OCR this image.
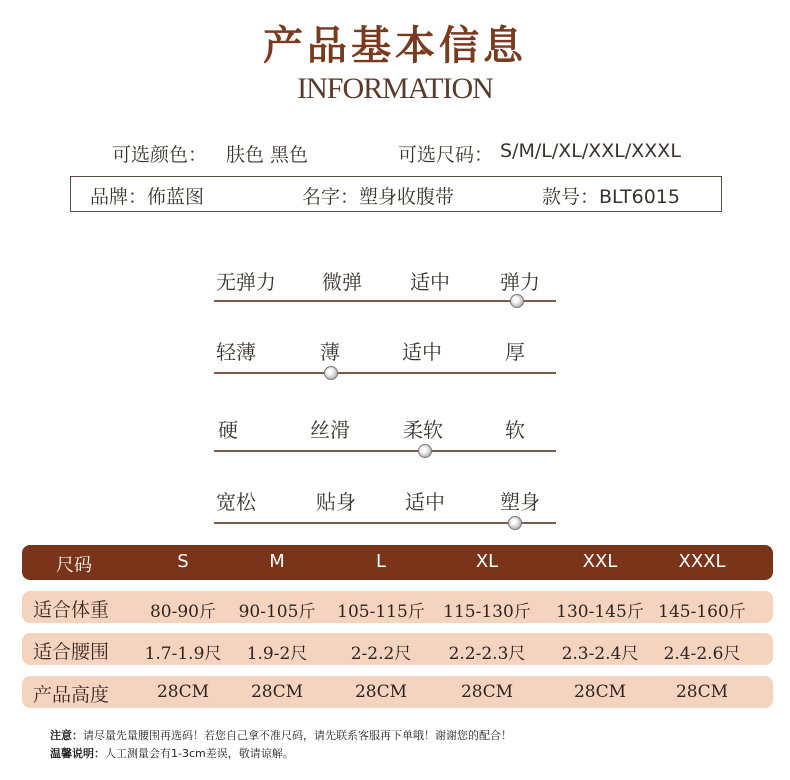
产品基本信息
INFORMATION
可选颜色： 肤色 黑色	可选尺码： S/M/L/XL/XXL/XXXL
品牌：佈蓝图	名字：塑身收腹带	款号：BLT6015
无弹力 微弹 适中	弹力
轻薄	薄	适中	厚
硬	丝滑	柔软	软
宽松	贴身 适中	塑身
尺码	S	M	L	XL	XXL	XXXL
适合体重	80-90斤	90-105斤	105-115斤	115-130斤	130-145斤 145-160斤
适合腰围	1.7-1.9尺	1.9-2尺	2-2.2尺	2.2-2.3尺	2.3-2.4尺	2.4-2.6尺
产品高度	28CM	28CM	28CM	28CM	28CM	28CM
注意：请尽量先量腰围再选码！若您自己拿不准尺码，请先联系客服再下单哦！谢谢您的配合！
温馨说明：人工测量会有1-3cm差误，敬请谅解。
